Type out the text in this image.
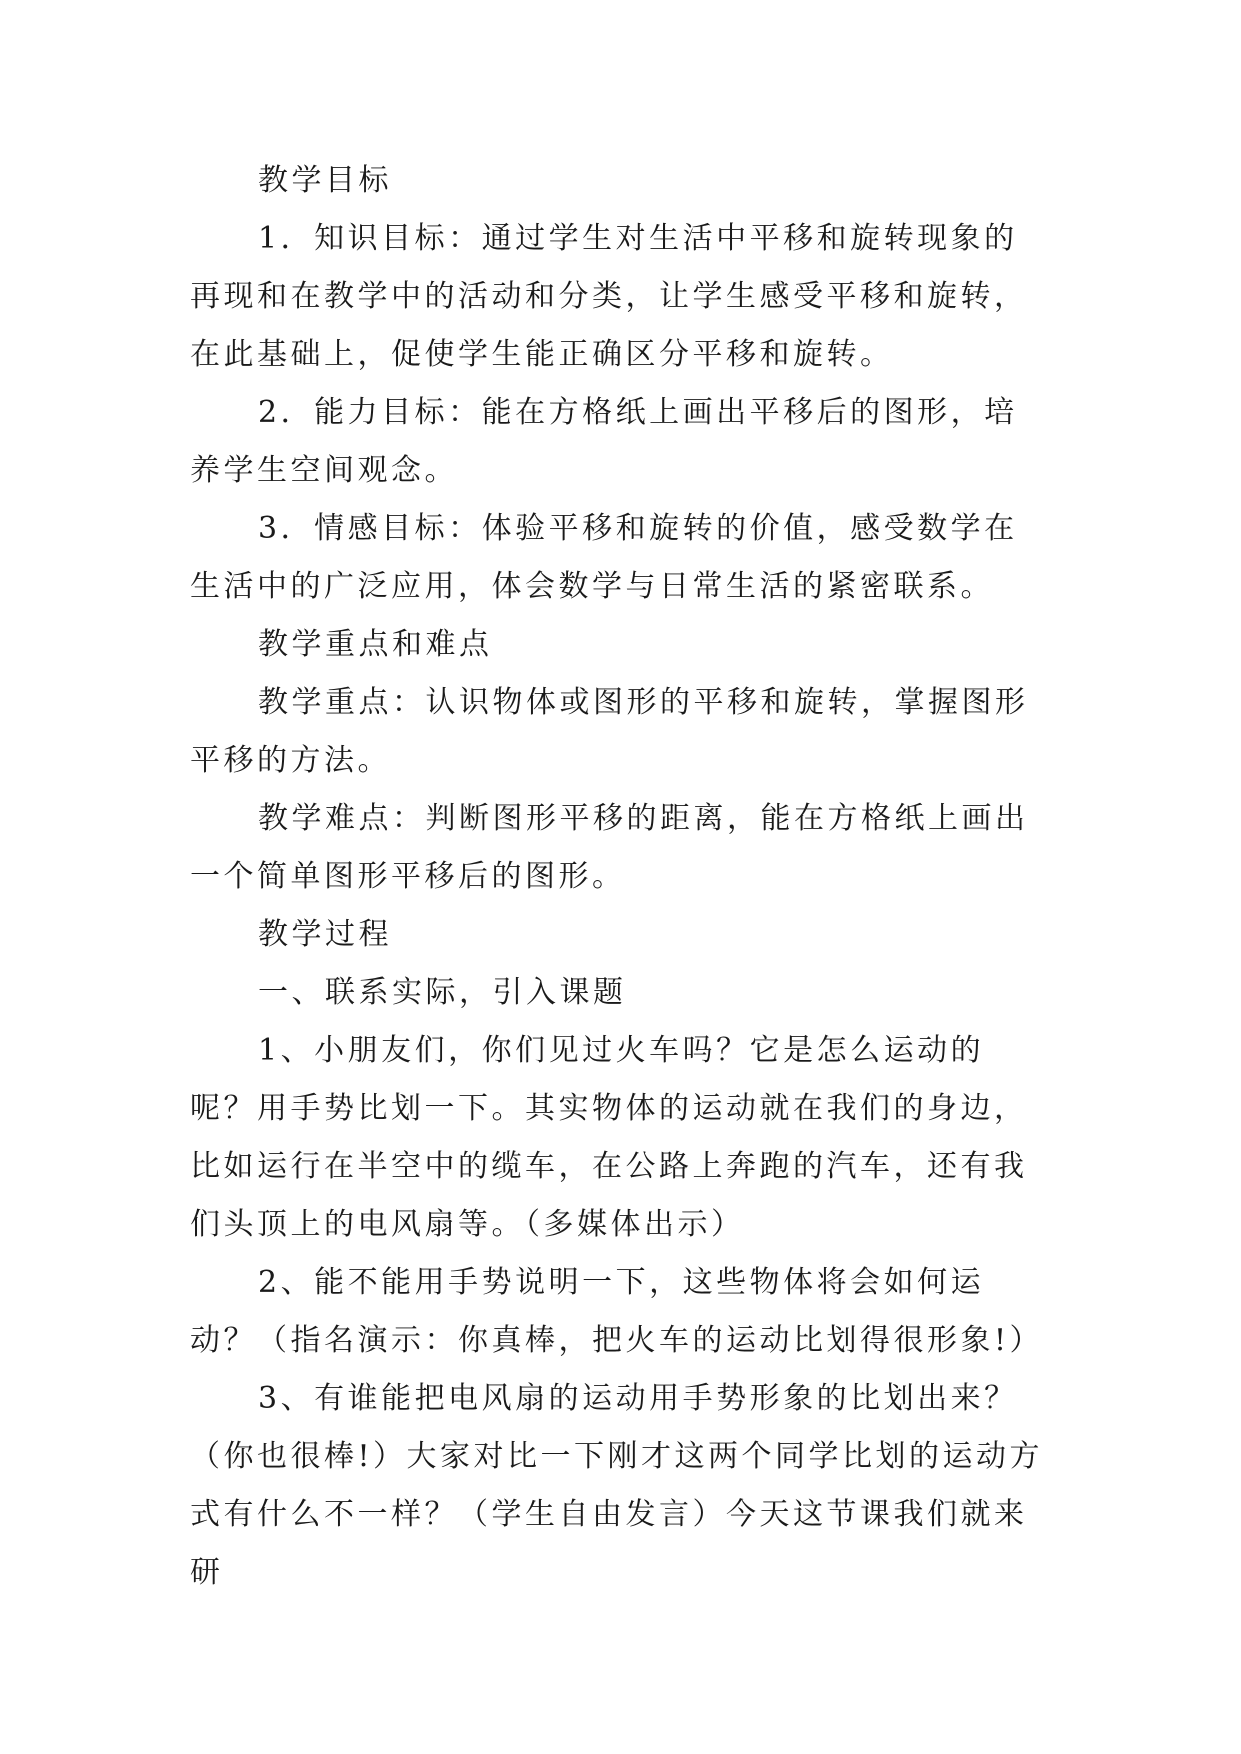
教学目标

1．知识目标：通过学生对生活中平移和旋转现象的再现和在教学中的活动和分类，让学生感受平移和旋转，在此基础上，促使学生能正确区分平移和旋转。

2．能力目标：能在方格纸上画出平移后的图形，培养学生空间观念。

3．情感目标：体验平移和旋转的价值，感受数学在生活中的广泛应用，体会数学与日常生活的紧密联系。

教学重点和难点

教学重点：认识物体或图形的平移和旋转，掌握图形平移的方法。

教学难点：判断图形平移的距离，能在方格纸上画出一个简单图形平移后的图形。

教学过程

一、联系实际，引入课题

1、小朋友们，你们见过火车吗？它是怎么运动的呢？用手势比划一下。其实物体的运动就在我们的身边，比如运行在半空中的缆车，在公路上奔跑的汽车，还有我们头顶上的电风扇等。（多媒体出示）

2、能不能用手势说明一下，这些物体将会如何运动？（指名演示：你真棒，把火车的运动比划得很形象!）

3、有谁能把电风扇的运动用手势形象的比划出来？（你也很棒!）大家对比一下刚才这两个同学比划的运动方式有什么不一样？（学生自由发言）今天这节课我们就来研
